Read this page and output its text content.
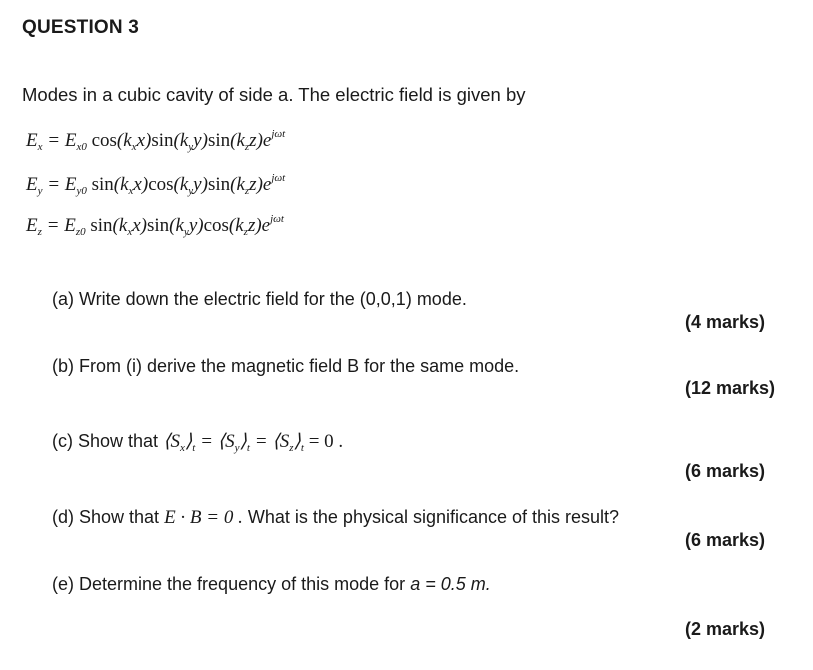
QUESTION 3
Modes in a cubic cavity of side a. The electric field is given by
$E_x = E_{x0}$ $\cos(k_xx)\sin(k_yy)\sin(k_zz)e^{j\omega t}$
$E_y = E_{y0}$ $\sin(k_xx)\cos(k_yy)\sin(k_zz)e^{j\omega t}$
$E_z = E_{z0}$ $\sin(k_xx)\sin(k_yy)\cos(k_zz)e^{j\omega t}$
(a) Write down the electric field for the (0,0,1) mode.
(4 marks)
(b) From (i) derive the magnetic field B for the same mode.
(12 marks)
(c) Show that $⟨S_x⟩_t$ = $⟨S_y⟩_t$ = $⟨S_z⟩_t = 0$ .
(6 marks)
(d) Show that E · B = 0 . What is the physical significance of this result?
(6 marks)
(e) Determine the frequency of this mode for a = 0.5 m.
(2 marks)
